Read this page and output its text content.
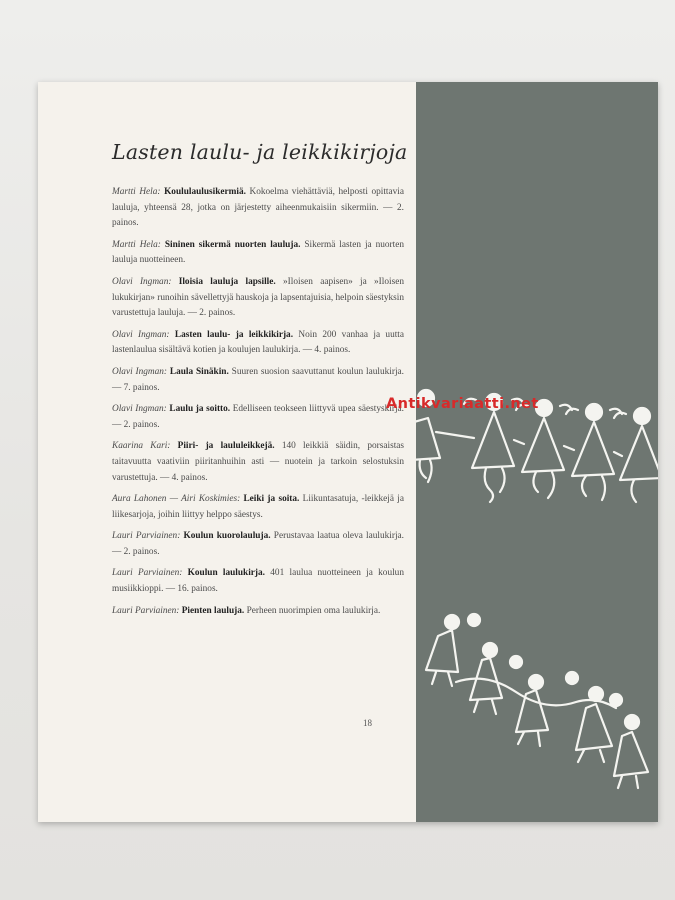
Lasten laulu- ja leikkikirjoja
Martti Hela: Koululaulusikermiä. Kokoelma viehättäviä, helposti opittavia lauluja, yhteensä 28, jotka on järjestetty aiheenmukaisiin sikermiin. — 2. painos.
Martti Hela: Sininen sikermä nuorten lauluja. Sikermä lasten ja nuorten lauluja nuotteineen.
Olavi Ingman: Iloisia lauluja lapsille. »Iloisen aapisen» ja »Iloisen lukukirjan» runoihin sävellettyjä hauskoja ja lapsentajuisia, helpoin säestyksin varustettuja lauluja. — 2. painos.
Olavi Ingman: Lasten laulu- ja leikkikirja. Noin 200 vanhaa ja uutta lastenlaulua sisältävä kotien ja koulujen laulukirja. — 4. painos.
Olavi Ingman: Laula Sinäkin. Suuren suosion saavuttanut koulun laulukirja. — 7. painos.
Olavi Ingman: Laulu ja soitto. Edelliseen teokseen liittyvä upea säestyskirja. — 2. painos.
Kaarina Kari: Piiri- ja laululeikkejä. 140 leikkiä säidin, porsaistas taitavuutta vaativiin piiritanhuihin asti — nuotein ja tarkoin selostuksin varustettuja. — 4. painos.
Aura Lahonen — Airi Koskimies: Leiki ja soita. Liikuntasatuja, -leikkejä ja liikesarjoja, joihin liittyy helppo säestys.
Lauri Parviainen: Koulun kuorolauluja. Perustavaa laatua oleva laulukirja. — 2. painos.
Lauri Parviainen: Koulun laulukirja. 401 laulua nuotteineen ja koulun musiikkioppi. — 16. painos.
Lauri Parviainen: Pienten lauluja. Perheen nuorimpien oma laulukirja.
18
Antikvariaatti.net
